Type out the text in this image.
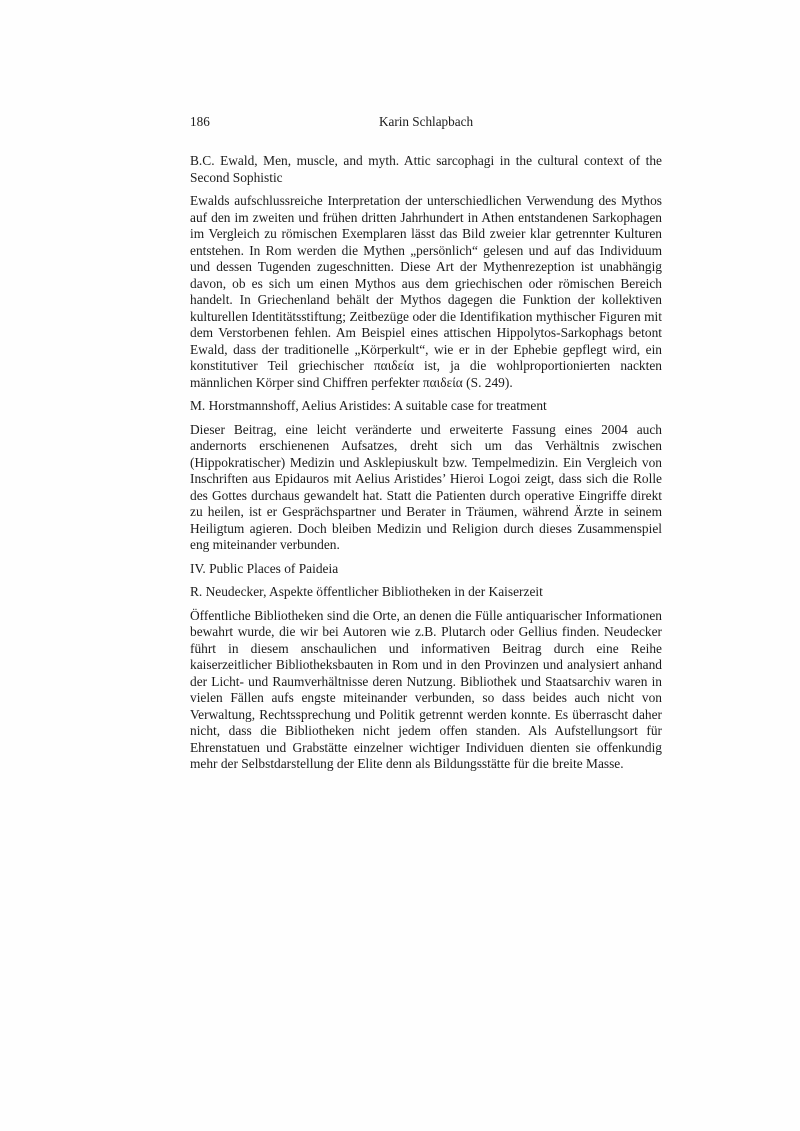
186	Karin Schlapbach

B.C. Ewald, Men, muscle, and myth. Attic sarcophagi in the cultural context of the Second Sophistic

Ewalds aufschlussreiche Interpretation der unterschiedlichen Verwendung des Mythos auf den im zweiten und frühen dritten Jahrhundert in Athen entstandenen Sarkophagen im Vergleich zu römischen Exemplaren lässt das Bild zweier klar getrennter Kulturen entstehen. In Rom werden die Mythen „persönlich“ gelesen und auf das Individuum und dessen Tugenden zugeschnitten. Diese Art der Mythenrezeption ist unabhängig davon, ob es sich um einen Mythos aus dem griechischen oder römischen Bereich handelt. In Griechenland behält der Mythos dagegen die Funktion der kollektiven kulturellen Identitätsstiftung; Zeitbezüge oder die Identifikation mythischer Figuren mit dem Verstorbenen fehlen. Am Beispiel eines attischen Hippolytos-Sarkophags betont Ewald, dass der traditionelle „Körperkult“, wie er in der Ephebie gepflegt wird, ein konstitutiver Teil griechischer παιδεία ist, ja die wohlproportionierten nackten männlichen Körper sind Chiffren perfekter παιδεία (S. 249).

M. Horstmannshoff, Aelius Aristides: A suitable case for treatment

Dieser Beitrag, eine leicht veränderte und erweiterte Fassung eines 2004 auch andernorts erschienenen Aufsatzes, dreht sich um das Verhältnis zwischen (Hippokratischer) Medizin und Asklepiuskult bzw. Tempelmedizin. Ein Vergleich von Inschriften aus Epidauros mit Aelius Aristides’ Hieroi Logoi zeigt, dass sich die Rolle des Gottes durchaus gewandelt hat. Statt die Patienten durch operative Eingriffe direkt zu heilen, ist er Gesprächspartner und Berater in Träumen, während Ärzte in seinem Heiligtum agieren. Doch bleiben Medizin und Religion durch dieses Zusammenspiel eng miteinander verbunden.

IV. Public Places of Paideia

R. Neudecker, Aspekte öffentlicher Bibliotheken in der Kaiserzeit

Öffentliche Bibliotheken sind die Orte, an denen die Fülle antiquarischer Informationen bewahrt wurde, die wir bei Autoren wie z.B. Plutarch oder Gellius finden. Neudecker führt in diesem anschaulichen und informativen Beitrag durch eine Reihe kaiserzeitlicher Bibliotheksbauten in Rom und in den Provinzen und analysiert anhand der Licht- und Raumverhältnisse deren Nutzung. Bibliothek und Staatsarchiv waren in vielen Fällen aufs engste miteinander verbunden, so dass beides auch nicht von Verwaltung, Rechtssprechung und Politik getrennt werden konnte. Es überrascht daher nicht, dass die Bibliotheken nicht jedem offen standen. Als Aufstellungsort für Ehrenstatuen und Grabstätte einzelner wichtiger Individuen dienten sie offenkundig mehr der Selbstdarstellung der Elite denn als Bildungsstätte für die breite Masse.
